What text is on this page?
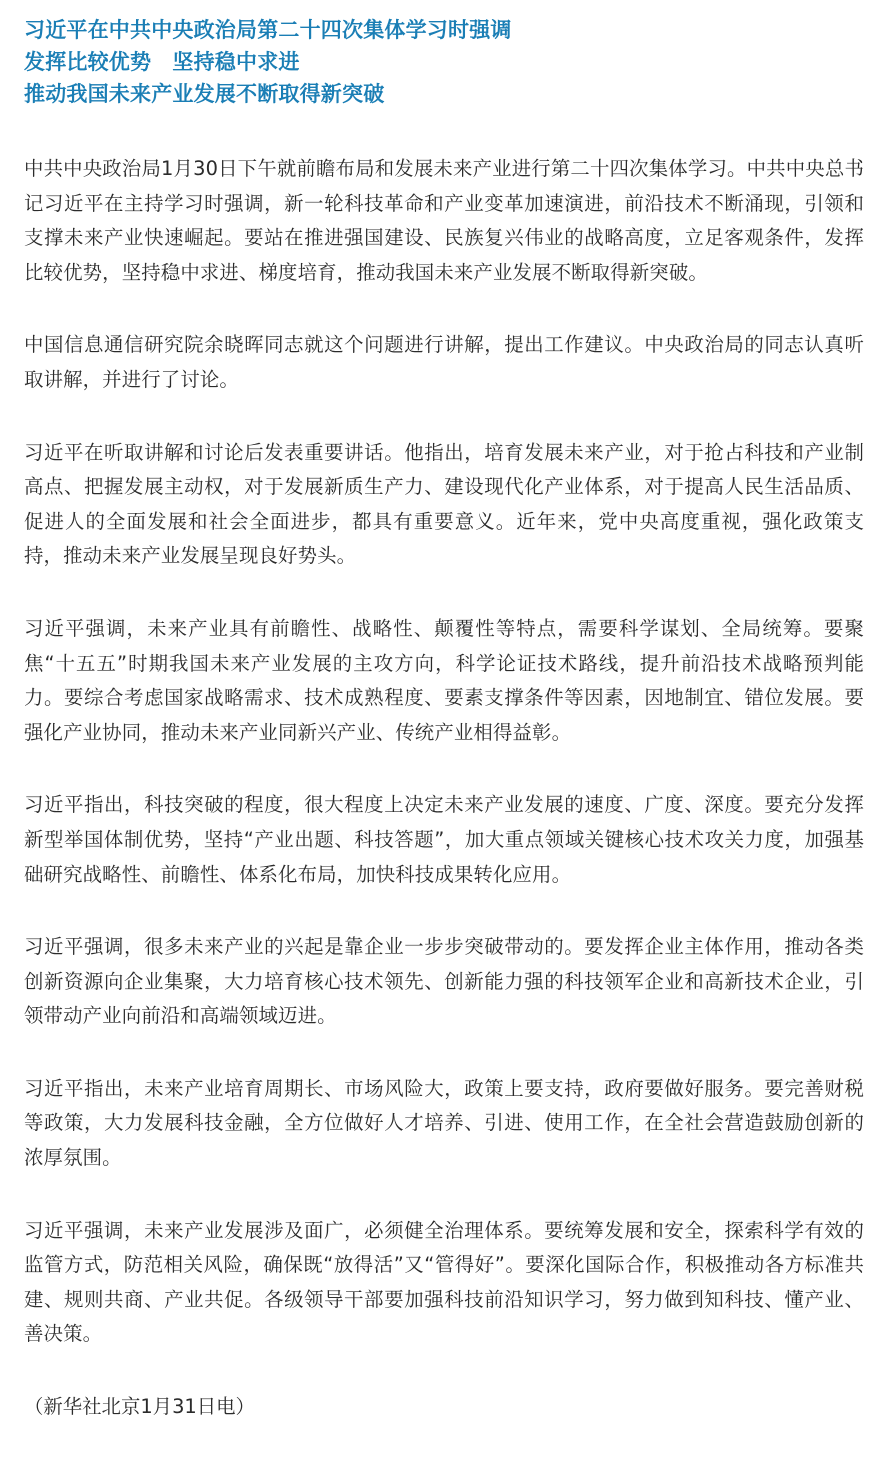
习近平在中共中央政治局第二十四次集体学习时强调
发挥比较优势　坚持稳中求进
推动我国未来产业发展不断取得新突破

中共中央政治局1月30日下午就前瞻布局和发展未来产业进行第二十四次集体学习。中共中央总书记习近平在主持学习时强调，新一轮科技革命和产业变革加速演进，前沿技术不断涌现，引领和支撑未来产业快速崛起。要站在推进强国建设、民族复兴伟业的战略高度，立足客观条件，发挥比较优势，坚持稳中求进、梯度培育，推动我国未来产业发展不断取得新突破。

中国信息通信研究院余晓晖同志就这个问题进行讲解，提出工作建议。中央政治局的同志认真听取讲解，并进行了讨论。

习近平在听取讲解和讨论后发表重要讲话。他指出，培育发展未来产业，对于抢占科技和产业制高点、把握发展主动权，对于发展新质生产力、建设现代化产业体系，对于提高人民生活品质、促进人的全面发展和社会全面进步，都具有重要意义。近年来，党中央高度重视，强化政策支持，推动未来产业发展呈现良好势头。

习近平强调，未来产业具有前瞻性、战略性、颠覆性等特点，需要科学谋划、全局统筹。要聚焦“十五五”时期我国未来产业发展的主攻方向，科学论证技术路线，提升前沿技术战略预判能力。要综合考虑国家战略需求、技术成熟程度、要素支撑条件等因素，因地制宜、错位发展。要强化产业协同，推动未来产业同新兴产业、传统产业相得益彰。

习近平指出，科技突破的程度，很大程度上决定未来产业发展的速度、广度、深度。要充分发挥新型举国体制优势，坚持“产业出题、科技答题”，加大重点领域关键核心技术攻关力度，加强基础研究战略性、前瞻性、体系化布局，加快科技成果转化应用。

习近平强调，很多未来产业的兴起是靠企业一步步突破带动的。要发挥企业主体作用，推动各类创新资源向企业集聚，大力培育核心技术领先、创新能力强的科技领军企业和高新技术企业，引领带动产业向前沿和高端领域迈进。

习近平指出，未来产业培育周期长、市场风险大，政策上要支持，政府要做好服务。要完善财税等政策，大力发展科技金融，全方位做好人才培养、引进、使用工作，在全社会营造鼓励创新的浓厚氛围。

习近平强调，未来产业发展涉及面广，必须健全治理体系。要统筹发展和安全，探索科学有效的监管方式，防范相关风险，确保既“放得活”又“管得好”。要深化国际合作，积极推动各方标准共建、规则共商、产业共促。各级领导干部要加强科技前沿知识学习，努力做到知科技、懂产业、善决策。

（新华社北京1月31日电）
